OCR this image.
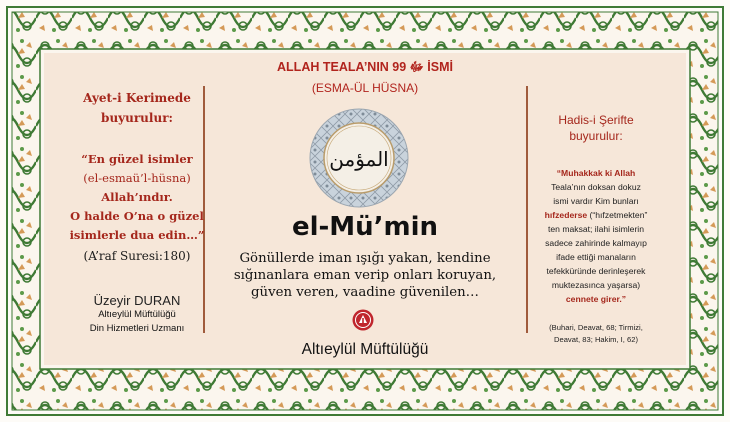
Ayet-i Kerimede
buyurulur:
“En güzel isimler
(el-esmaü’l-hüsna)
Allah’ındır.
O halde O’na o güzel
isimlerle dua edin…”
(A’raf Suresi:180)
Üzeyir DURAN
Altıeylül Müftülüğü
Din Hizmetleri Uzmanı
ALLAH TEALA’NIN ﷻ 99 İSMİ
(ESMA-ÜL HÜSNA)
المؤمن
el-Mü’min
Gönüllerde iman ışığı yakan, kendine
sığınanlara eman verip onları koruyan,
güven veren, vaadine güvenilen…
Altıeylül Müftülüğü
Hadis-i Şerifte
buyurulur:
“Muhakkak ki Allah
Teala’nın doksan dokuz
ismi vardır Kim bunları
hıfzederse (“hıfzetmekten”
ten maksat; ilahi isimlerin
sadece zahirinde kalmayıp
ifade ettiği manaların
tefekküründe derinleşerek
muktezasınca yaşarsa)
cennete girer.”
(Buhari, Deavat, 68; Tirmizi,
Deavat, 83; Hakim, I, 62)
